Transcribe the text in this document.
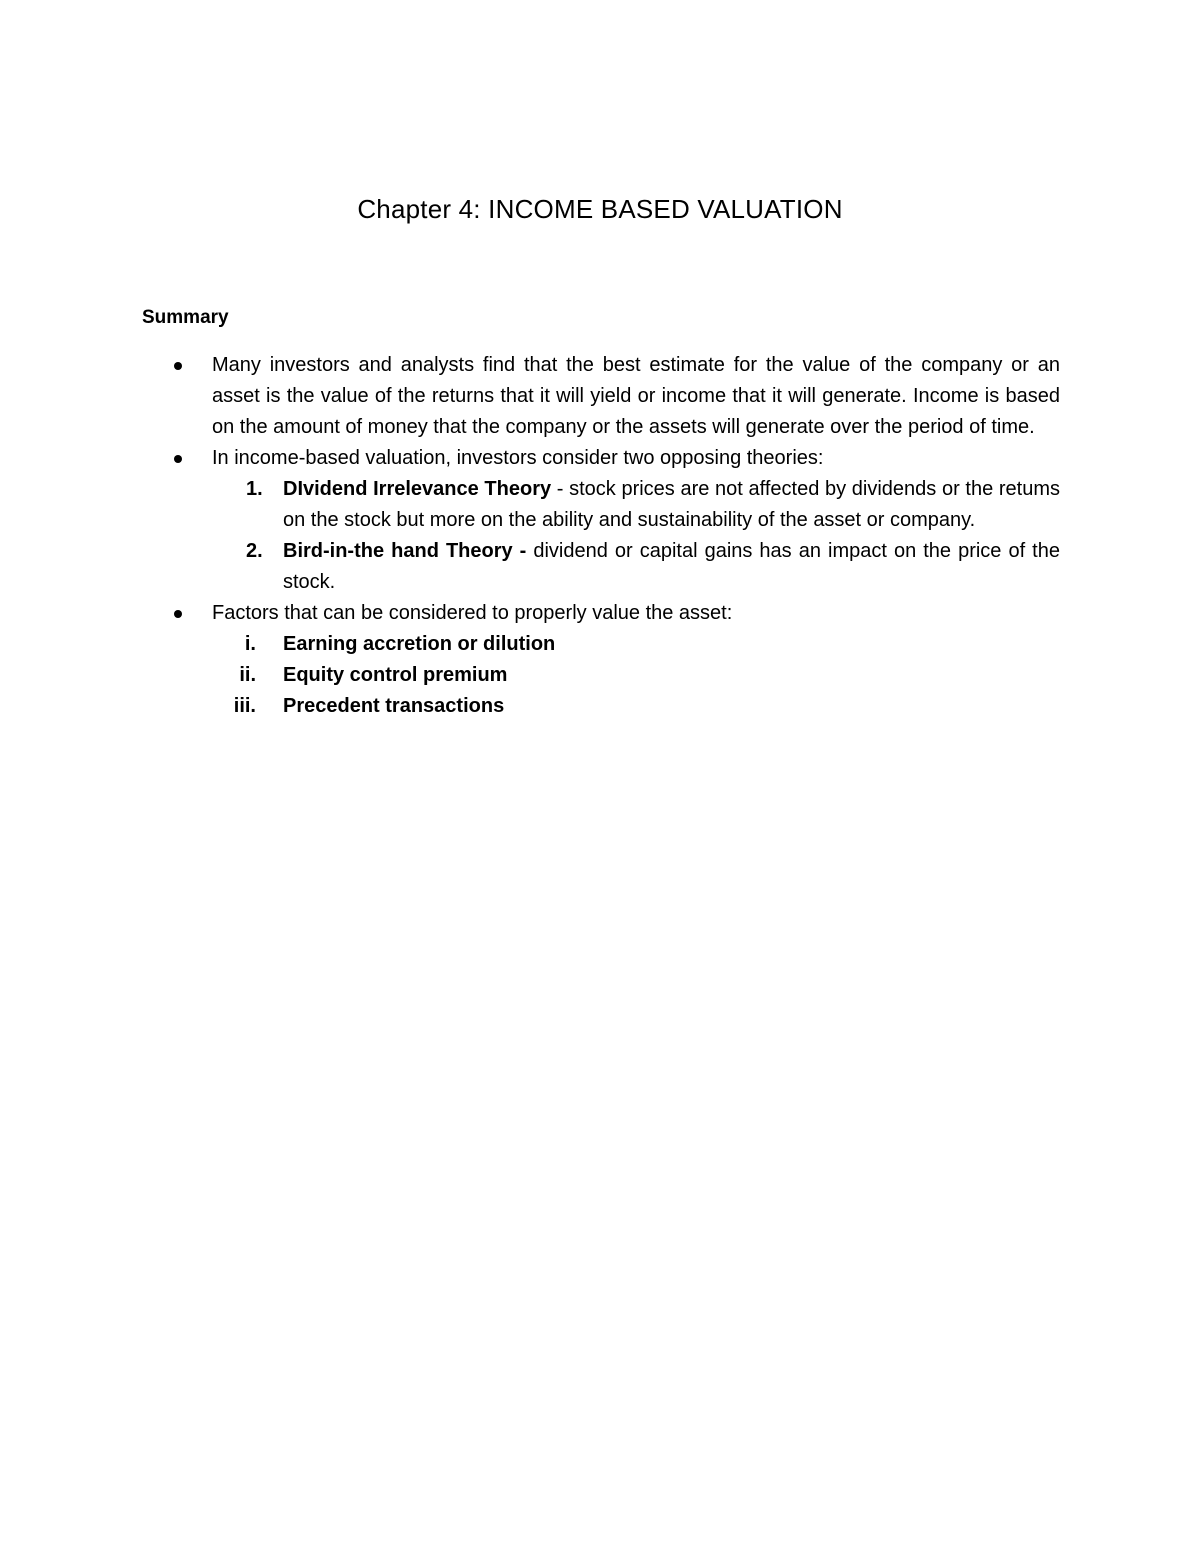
Chapter 4: INCOME BASED VALUATION
Summary
Many investors and analysts find that the best estimate for the value of the company or an asset is the value of the returns that it will yield or income that it will generate. Income is based on the amount of money that the company or the assets will generate over the period of time.
In income-based valuation, investors consider two opposing theories:
1. DIvidend Irrelevance Theory - stock prices are not affected by dividends or the retums on the stock but more on the ability and sustainability of the asset or company.
2. Bird-in-the hand Theory - dividend or capital gains has an impact on the price of the stock.
Factors that can be considered to properly value the asset:
i. Earning accretion or dilution
ii. Equity control premium
iii. Precedent transactions
